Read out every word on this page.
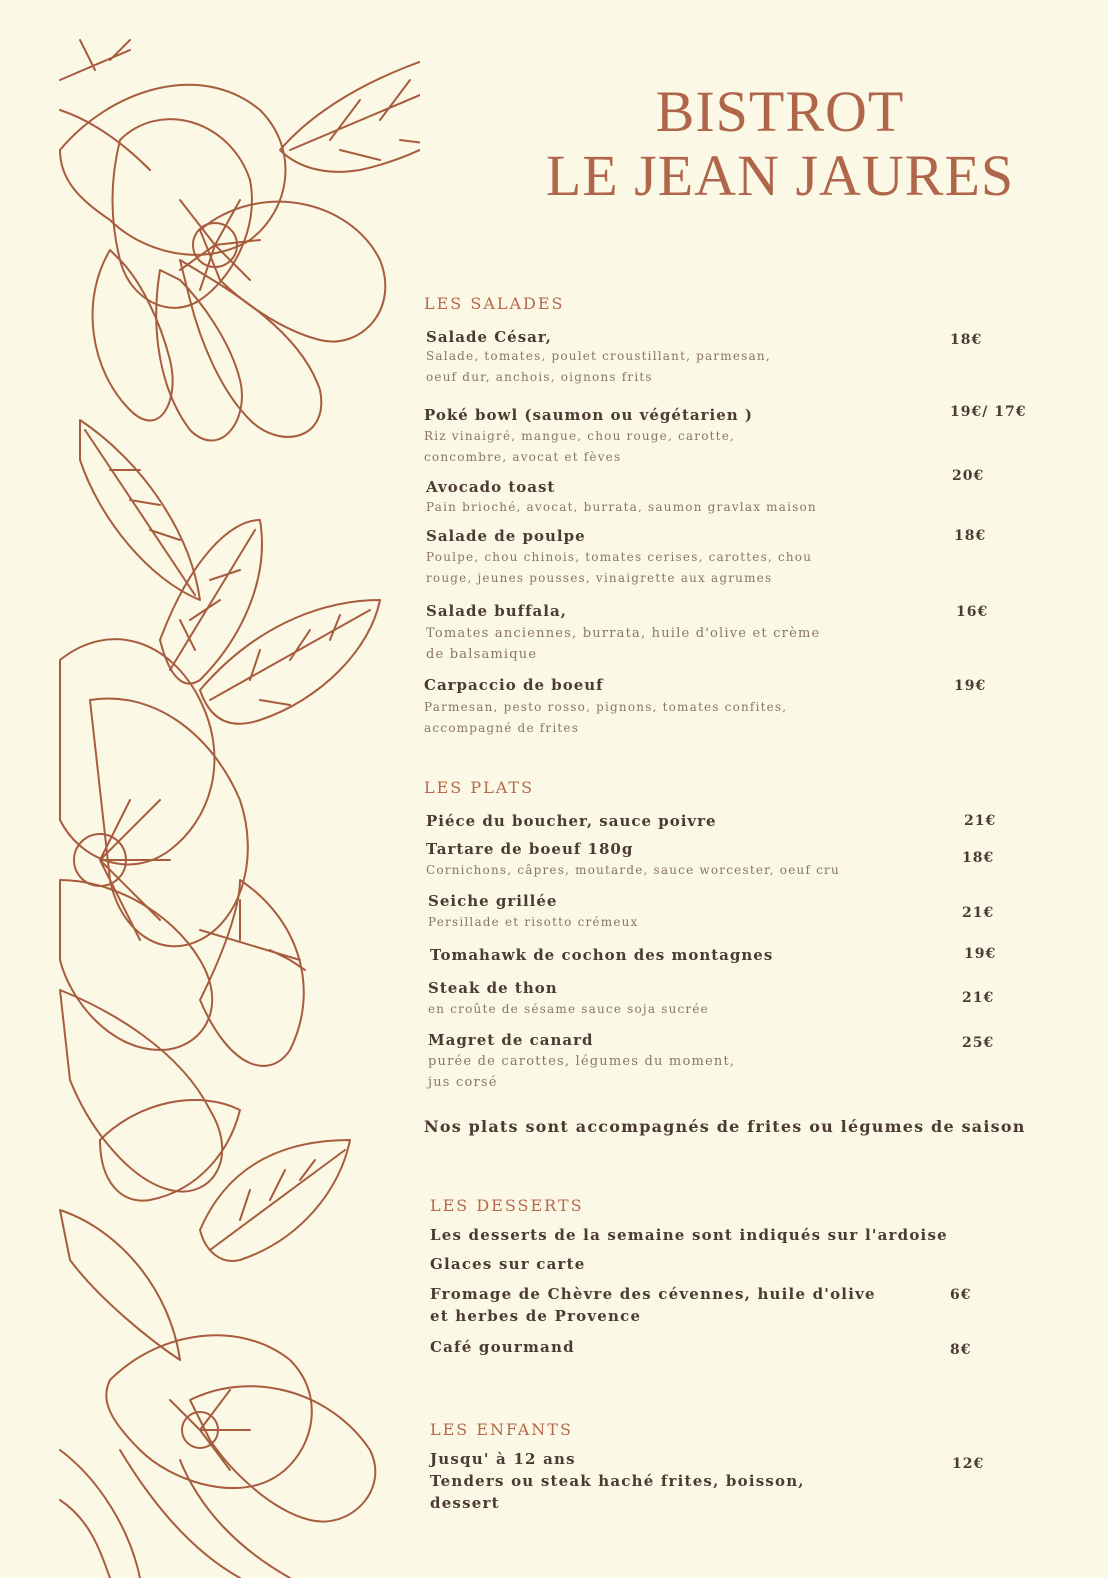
BISTROT
LE JEAN JAURES
LES SALADES
Salade César,
Salade, tomates, poulet croustillant, parmesan,
oeuf dur, anchois, oignons frits
18€
Poké bowl (saumon ou végétarien )
Riz vinaigré, mangue, chou rouge, carotte,
concombre, avocat et fèves
19€/ 17€
Avocado toast
Pain brioché, avocat, burrata, saumon gravlax maison
20€
Salade de poulpe
Poulpe, chou chinois, tomates cerises, carottes, chou
rouge, jeunes pousses, vinaigrette aux agrumes
18€
Salade buffala,
Tomates anciennes, burrata, huile d'olive et crème
de balsamique
16€
Carpaccio de boeuf
Parmesan, pesto rosso, pignons, tomates confites,
accompagné de frites
19€
LES PLATS
Piéce du boucher, sauce poivre	21€
Tartare de boeuf 180g
Cornichons, câpres, moutarde, sauce worcester, oeuf cru
18€
Seiche grillée
Persillade et risotto crémeux
21€
Tomahawk de cochon des montagnes	19€
Steak de thon
en croûte de sésame sauce soja sucrée
21€
Magret de canard
purée de carottes, légumes du moment,
jus corsé
25€
Nos plats sont accompagnés de frites ou légumes de saison
LES DESSERTS
Les desserts de la semaine sont indiqués sur l'ardoise
Glaces sur carte
Fromage de Chèvre des cévennes, huile d'olive
et herbes de Provence
6€
Café gourmand	8€
LES ENFANTS
Jusqu' à 12 ans
Tenders ou steak haché frites, boisson,
dessert
12€
